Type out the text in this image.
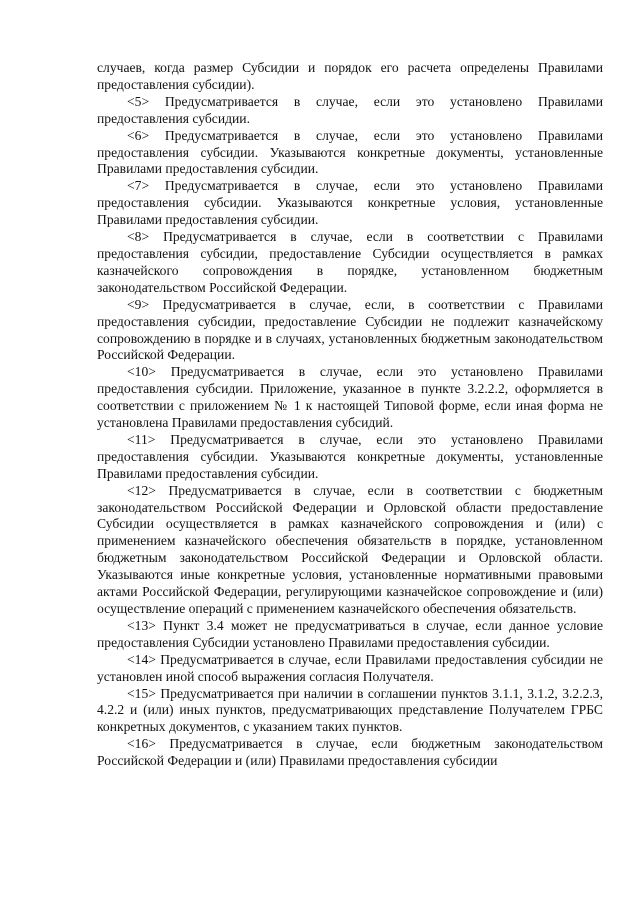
случаев, когда размер Субсидии и порядок его расчета определены Правилами предоставления субсидии).

<5> Предусматривается в случае, если это установлено Правилами предоставления субсидии.

<6> Предусматривается в случае, если это установлено Правилами предоставления субсидии. Указываются конкретные документы, установленные Правилами предоставления субсидии.

<7> Предусматривается в случае, если это установлено Правилами предоставления субсидии. Указываются конкретные условия, установленные Правилами предоставления субсидии.

<8> Предусматривается в случае, если в соответствии с Правилами предоставления субсидии, предоставление Субсидии осуществляется в рамках казначейского сопровождения в порядке, установленном бюджетным законодательством Российской Федерации.

<9> Предусматривается в случае, если, в соответствии с Правилами предоставления субсидии, предоставление Субсидии не подлежит казначейскому сопровождению в порядке и в случаях, установленных бюджетным законодательством Российской Федерации.

<10> Предусматривается в случае, если это установлено Правилами предоставления субсидии. Приложение, указанное в пункте 3.2.2.2, оформляется в соответствии с приложением № 1 к настоящей Типовой форме, если иная форма не установлена Правилами предоставления субсидий.

<11> Предусматривается в случае, если это установлено Правилами предоставления субсидии. Указываются конкретные документы, установленные Правилами предоставления субсидии.

<12> Предусматривается в случае, если в соответствии с бюджетным законодательством Российской Федерации и Орловской области предоставление Субсидии осуществляется в рамках казначейского сопровождения и (или) с применением казначейского обеспечения обязательств в порядке, установленном бюджетным законодательством Российской Федерации и Орловской области. Указываются иные конкретные условия, установленные нормативными правовыми актами Российской Федерации, регулирующими казначейское сопровождение и (или) осуществление операций с применением казначейского обеспечения обязательств.

<13> Пункт 3.4 может не предусматриваться в случае, если данное условие предоставления Субсидии установлено Правилами предоставления субсидии.

<14> Предусматривается в случае, если Правилами предоставления субсидии не установлен иной способ выражения согласия Получателя.

<15> Предусматривается при наличии в соглашении пунктов 3.1.1, 3.1.2, 3.2.2.3, 4.2.2 и (или) иных пунктов, предусматривающих представление Получателем ГРБС конкретных документов, с указанием таких пунктов.

<16> Предусматривается в случае, если бюджетным законодательством Российской Федерации и (или) Правилами предоставления субсидии
